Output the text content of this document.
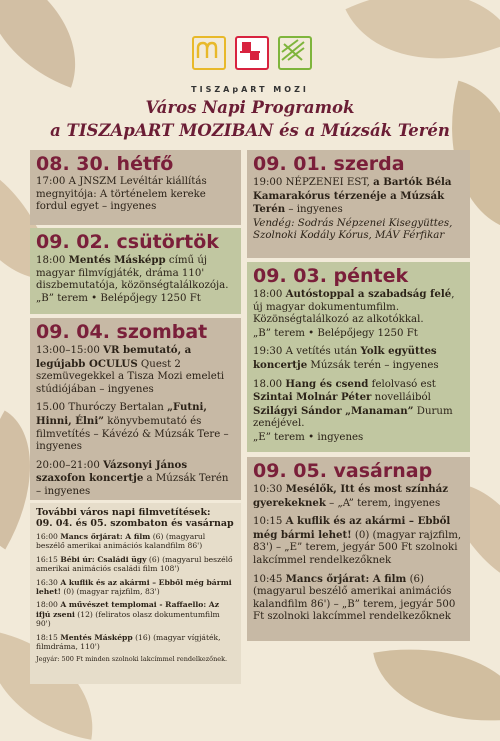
TISZApART MOZI
Város Napi Programok
a TISZApART MOZIBAN és a Múzsák Terén
08. 30. hétfő
17:00 A JNSZM Levéltár kiállítás megnyitója: A történelem kereke fordul egyet – ingyenes
09. 02. csütörtök
18:00 Mentés Másképp című új magyar filmvígjáték, dráma 110' diszbemutatója, közönségtalálkozója. „B” terem • Belépőjegy 1250 Ft
09. 04. szombat
13:00–15:00 VR bemutató, a legújabb OCULUS Quest 2 szemüvegekkel a Tisza Mozi emeleti stúdiójában – ingyenes
15.00 Thuróczy Bertalan „Futni, Hinni, Élni” könyvbemutató és filmvetítés – Kávézó & Múzsák Tere – ingyenes
20:00–21:00 Vázsonyi János szaxofon koncertje a Múzsák Terén – ingyenes
További város napi filmvetítések:
09. 04. és 05. szombaton és vasárnap
16:00 Mancs őrjárat: A film (6) (magyarul beszélő amerikai animációs kalandfilm 86')
16:15 Bébi úr: Családi ügy (6) (magyarul beszélő amerikai animációs családi film 108')
16:30 A kuflik és az akármi – Ebből még bármi lehet! (0) (magyar rajzfilm, 83')
18:00 A művészet templomai - Raffaello: Az ifjú zseni (12) (feliratos olasz dokumentumfilm 90')
18:15 Mentés Másképp (16) (magyar vígjáték, filmdráma, 110')
Jegyár: 500 Ft minden szolnoki lakcímmel rendelkezőnek.
09. 01. szerda
19:00 NÉPZENEI EST, a Bartók Béla Kamarakórus térzenéje a Múzsák Terén – ingyenes
Vendég: Sodrás Népzenei Kisegyüttes, Szolnoki Kodály Kórus, MÁV Férfikar
09. 03. péntek
18:00 Autóstoppal a szabadság felé, új magyar dokumentumfilm. Közönségtalálkozó az alkotókkal.
„B” terem • Belépőjegy 1250 Ft
19:30 A vetítés után Yolk együttes koncertje Múzsák terén – ingyenes
18.00 Hang és csend felolvasó est Szintai Molnár Péter novelláiból Szilágyi Sándor „Manaman” Durum zenéjével.
„E” terem • ingyenes
09. 05. vasárnap
10:30 Mesélők, Itt és most színház gyerekeknek – „A” terem, ingyenes
10:15 A kuflik és az akármi – Ebből még bármi lehet! (0) (magyar rajzfilm, 83') – „E” terem, jegyár 500 Ft szolnoki lakcímmel rendelkezőknek
10:45 Mancs őrjárat: A film (6) (magyarul beszélő amerikai animációs kalandfilm 86') – „B” terem, jegyár 500 Ft szolnoki lakcímmel rendelkezőknek
